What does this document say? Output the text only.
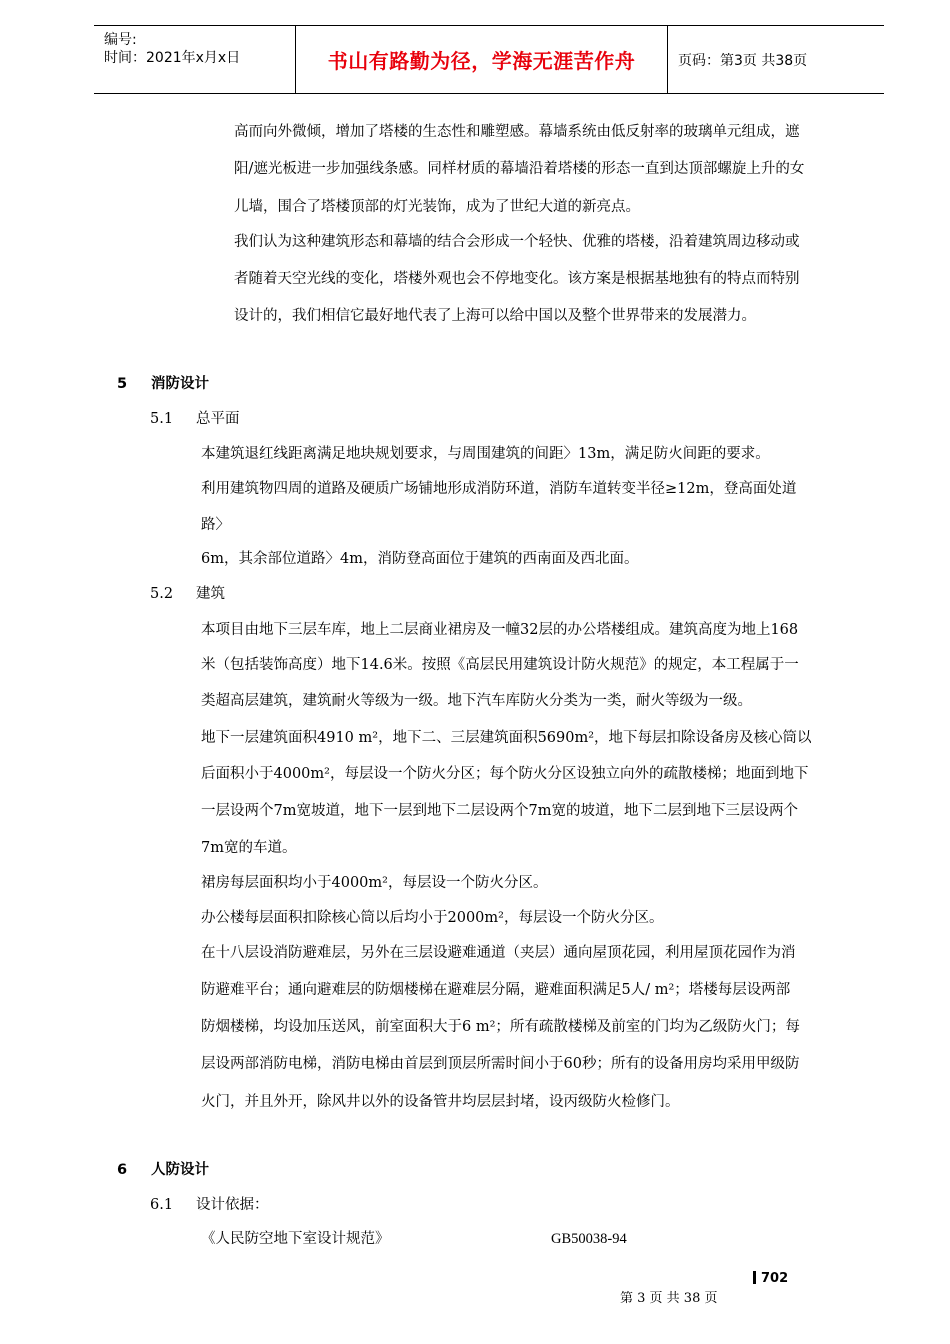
编号:
时间：2021年x月x日	书山有路勤为径，学海无涯苦作舟	页码：第3页 共38页
高而向外微倾，增加了塔楼的生态性和雕塑感。幕墙系统由低反射率的玻璃单元组成，遮
阳/遮光板进一步加强线条感。同样材质的幕墙沿着塔楼的形态一直到达顶部螺旋上升的女
儿墙，围合了塔楼顶部的灯光装饰，成为了世纪大道的新亮点。
我们认为这种建筑形态和幕墙的结合会形成一个轻快、优雅的塔楼，沿着建筑周边移动或
者随着天空光线的变化，塔楼外观也会不停地变化。该方案是根据基地独有的特点而特别
设计的，我们相信它最好地代表了上海可以给中国以及整个世界带来的发展潜力。
5 消防设计
5.1 总平面
本建筑退红线距离满足地块规划要求，与周围建筑的间距〉13m，满足防火间距的要求。
利用建筑物四周的道路及硬质广场铺地形成消防环道，消防车道转变半径≥12m，登高面处道
路〉
6m，其余部位道路〉4m，消防登高面位于建筑的西南面及西北面。
5.2 建筑
本项目由地下三层车库，地上二层商业裙房及一幢32层的办公塔楼组成。建筑高度为地上168
米（包括装饰高度）地下14.6米。按照《高层民用建筑设计防火规范》的规定，本工程属于一
类超高层建筑，建筑耐火等级为一级。地下汽车库防火分类为一类，耐火等级为一级。
地下一层建筑面积4910 m²，地下二、三层建筑面积5690m²，地下每层扣除设备房及核心筒以
后面积小于4000m²，每层设一个防火分区；每个防火分区设独立向外的疏散楼梯；地面到地下
一层设两个7m宽坡道，地下一层到地下二层设两个7m宽的坡道，地下二层到地下三层设两个
7m宽的车道。
裙房每层面积均小于4000m²，每层设一个防火分区。
办公楼每层面积扣除核心筒以后均小于2000m²，每层设一个防火分区。
在十八层设消防避难层，另外在三层设避难通道（夹层）通向屋顶花园，利用屋顶花园作为消
防避难平台；通向避难层的防烟楼梯在避难层分隔，避难面积满足5人/ m²；塔楼每层设两部
防烟楼梯，均设加压送风，前室面积大于6 m²；所有疏散楼梯及前室的门均为乙级防火门；每
层设两部消防电梯，消防电梯由首层到顶层所需时间小于60秒；所有的设备用房均采用甲级防
火门，并且外开，除风井以外的设备管井均层层封堵，设丙级防火检修门。
6 人防设计
6.1 设计依据：
《人民防空地下室设计规范》	GB50038-94
702
第 3 页 共 38 页
